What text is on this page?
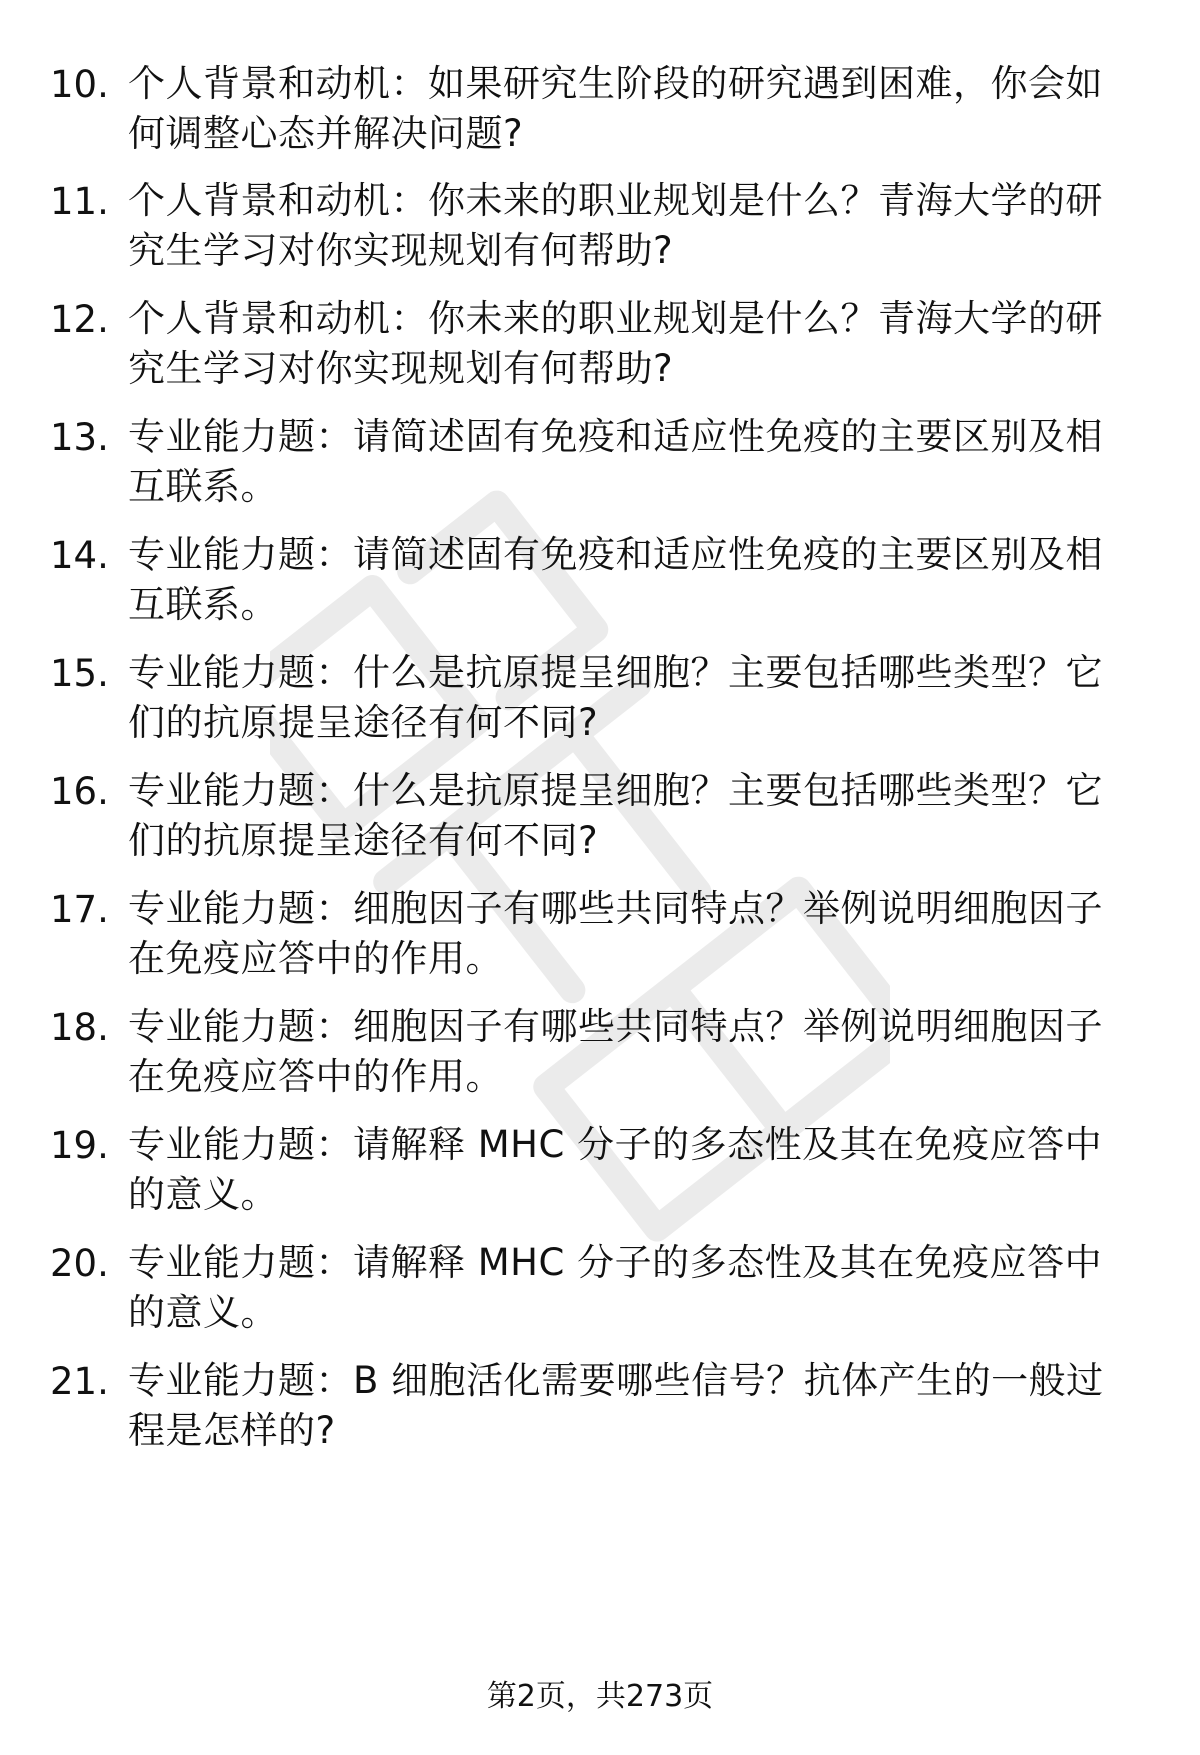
10. 个人背景和动机：如果研究生阶段的研究遇到困难，你会如何调整心态并解决问题?
11. 个人背景和动机：你未来的职业规划是什么？青海大学的研究生学习对你实现规划有何帮助?
12. 个人背景和动机：你未来的职业规划是什么？青海大学的研究生学习对你实现规划有何帮助?
13. 专业能力题：请简述固有免疫和适应性免疫的主要区别及相互联系。
14. 专业能力题：请简述固有免疫和适应性免疫的主要区别及相互联系。
15. 专业能力题：什么是抗原提呈细胞？主要包括哪些类型？它们的抗原提呈途径有何不同?
16. 专业能力题：什么是抗原提呈细胞？主要包括哪些类型？它们的抗原提呈途径有何不同?
17. 专业能力题：细胞因子有哪些共同特点？举例说明细胞因子在免疫应答中的作用。
18. 专业能力题：细胞因子有哪些共同特点？举例说明细胞因子在免疫应答中的作用。
19. 专业能力题：请解释 MHC 分子的多态性及其在免疫应答中的意义。
20. 专业能力题：请解释 MHC 分子的多态性及其在免疫应答中的意义。
21. 专业能力题：B 细胞活化需要哪些信号？抗体产生的一般过程是怎样的?
第2页，共273页
